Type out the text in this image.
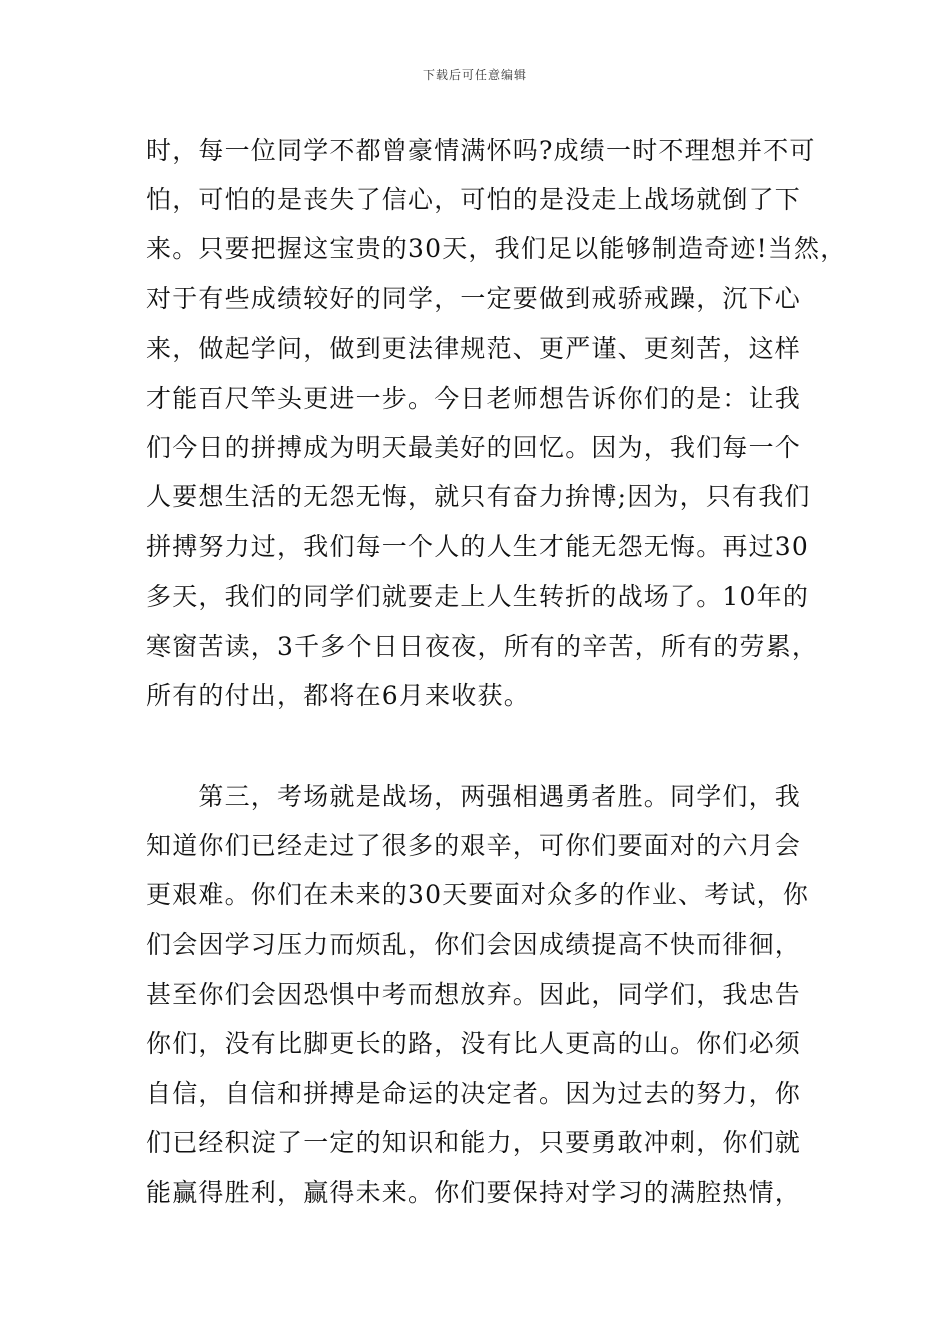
下载后可任意编辑
时，每一位同学不都曾豪情满怀吗?成绩一时不理想并不可
怕，可怕的是丧失了信心，可怕的是没走上战场就倒了下
来。只要把握这宝贵的30天，我们足以能够制造奇迹!当然，
对于有些成绩较好的同学，一定要做到戒骄戒躁，沉下心
来，做起学问，做到更法律规范、更严谨、更刻苦，这样
才能百尺竿头更进一步。今日老师想告诉你们的是：让我
们今日的拼搏成为明天最美好的回忆。因为，我们每一个
人要想生活的无怨无悔，就只有奋力拚博;因为，只有我们
拼搏努力过，我们每一个人的人生才能无怨无悔。再过30
多天，我们的同学们就要走上人生转折的战场了。10年的
寒窗苦读，3千多个日日夜夜，所有的辛苦，所有的劳累，
所有的付出，都将在6月来收获。
　　第三，考场就是战场，两强相遇勇者胜。同学们，我
知道你们已经走过了很多的艰辛，可你们要面对的六月会
更艰难。你们在未来的30天要面对众多的作业、考试，你
们会因学习压力而烦乱，你们会因成绩提高不快而徘徊，
甚至你们会因恐惧中考而想放弃。因此，同学们，我忠告
你们，没有比脚更长的路，没有比人更高的山。你们必须
自信，自信和拼搏是命运的决定者。因为过去的努力，你
们已经积淀了一定的知识和能力，只要勇敢冲刺，你们就
能赢得胜利，赢得未来。你们要保持对学习的满腔热情，
